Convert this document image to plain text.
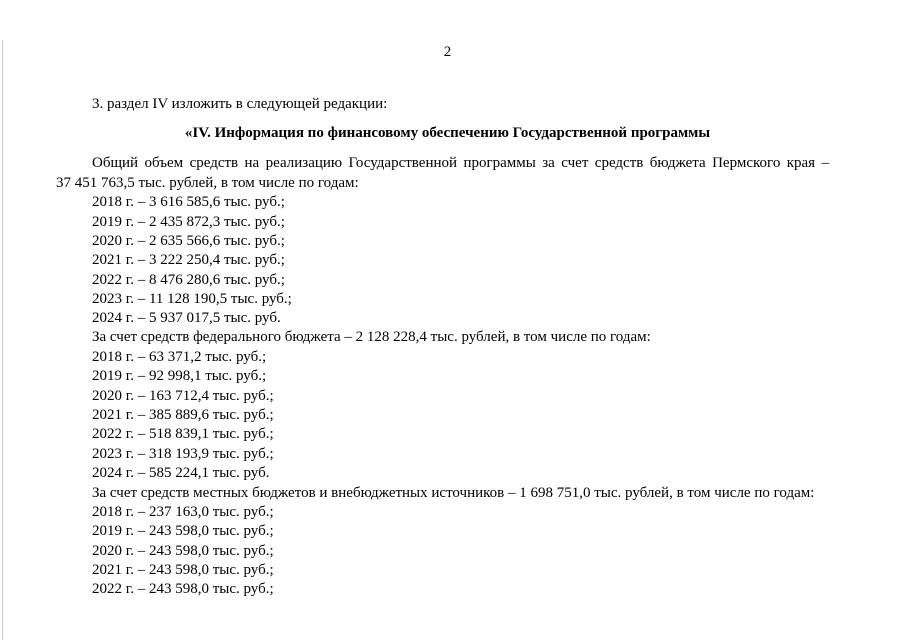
2
3. раздел IV изложить в следующей редакции:
«IV. Информация по финансовому обеспечению Государственной программы
Общий объем средств на реализацию Государственной программы за счет средств бюджета Пермского края –
37 451 763,5 тыс. рублей, в том числе по годам:
2018 г. – 3 616 585,6 тыс. руб.;
2019 г. – 2 435 872,3 тыс. руб.;
2020 г. – 2 635 566,6 тыс. руб.;
2021 г. – 3 222 250,4 тыс. руб.;
2022 г. – 8 476 280,6 тыс. руб.;
2023 г. – 11 128 190,5 тыс. руб.;
2024 г. – 5 937 017,5 тыс. руб.
За счет средств федерального бюджета – 2 128 228,4 тыс. рублей, в том числе по годам:
2018 г. – 63 371,2 тыс. руб.;
2019 г. – 92 998,1 тыс. руб.;
2020 г. – 163 712,4 тыс. руб.;
2021 г. – 385 889,6 тыс. руб.;
2022 г. – 518 839,1 тыс. руб.;
2023 г. – 318 193,9 тыс. руб.;
2024 г. – 585 224,1 тыс. руб.
За счет средств местных бюджетов и внебюджетных источников – 1 698 751,0 тыс. рублей, в том числе по годам:
2018 г. – 237 163,0 тыс. руб.;
2019 г. – 243 598,0 тыс. руб.;
2020 г. – 243 598,0 тыс. руб.;
2021 г. – 243 598,0 тыс. руб.;
2022 г. – 243 598,0 тыс. руб.;
